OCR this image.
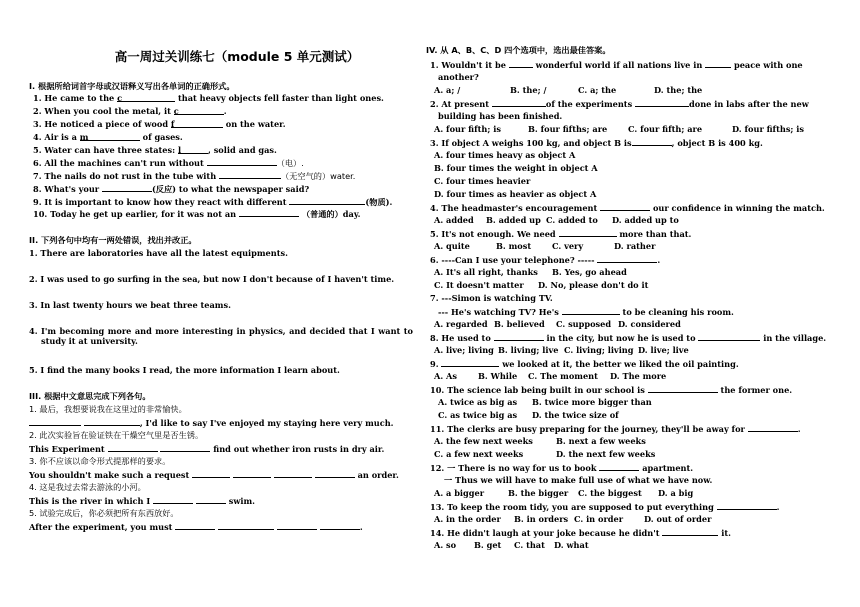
高一周过关训练七（module 5 单元测试）
I. 根据所给词首字母或汉语释义写出各单词的正确形式。
1. He came to the c	that heavy objects fell faster than light ones.
2. When you cool the metal, it c	.
3. He noticed a piece of wood f	on the water.
4. Air is a m	of gases.
5. Water can have three states: l	, solid and gas.
6. All the machines can't run without	（电）.
7. The nails do not rust in the tube with	（无空气的）water.
8. What's your	(反应) to what the newspaper said?
9. It is important to know how they react with different	(物质).
10. Today he get up earlier, for it was not an	（普通的）day.
II. 下列各句中均有一两处错误，找出并改正。
1. There are laboratories have all the latest equipments.
2. I was used to go surfing in the sea, but now I don't because of I haven't time.
3. In last twenty hours we beat three teams.
4. I'm becoming more and more interesting in physics, and decided that I want to study it at university.
5. I find the many books I read, the more information I learn about.
III. 根据中文意思完成下列各句。
1. 最后，我想要说我在这里过的非常愉快。
, I'd like to say I've enjoyed my staying here very much.
2. 此次实验旨在验证铁在干燥空气里是否生锈。
This Experiment	find out whether iron rusts in dry air.
3. 你不应该以命令形式提那样的要求。
You shouldn't make such a request	an order.
4. 这是我过去常去游泳的小河。
This is the river in which I	swim.
5. 试验完成后，你必须把所有东西放好。
After the experiment, you must	.
IV. 从 A、B、C、D 四个选项中，选出最佳答案。
1. Wouldn't it be	wonderful world if all nations live in	peace with one
another?
A. a; /	B. the; /	C. a; the	D. the; the
2. At present	of the experiments	done in labs after the new
building has been finished.
A. four fifth; is	B. four fifths; are	C. four fifth; are	D. four fifths; is
3. If object A weighs 100 kg, and object B is	, object B is 400 kg.
A. four times heavy as object A
B. four times the weight in object A
C. four times heavier
D. four times as heavier as object A
4. The headmaster's encouragement	our confidence in winning the match.
A. added B. added up C. added to D. added up to
5. It's not enough. We need	more than that.
A. quite	B. most	C. very	D. rather
6. ----Can I use your telephone? -----	.
A. It's all right, thanks B. Yes, go ahead
C. It doesn't matter D. No, please don't do it
7. ---Simon is watching TV.
--- He's watching TV? He's	to be cleaning his room.
A. regarded B. believed C. supposed D. considered
8. He used to	in the city, but now he is used to	in the village.
A. live; living B. living; live C. living; living D. live; live
9.	we looked at it, the better we liked the oil painting.
A. As	B. While C. The moment D. The more
10. The science lab being built in our school is	the former one.
A. twice as big as B. twice more bigger than
C. as twice big as D. the twice size of
11. The clerks are busy preparing for the journey, they'll be away for	.
A. the few next weeks	B. next a few weeks
C. a few next weeks	D. the next few weeks
12. 一 There is no way for us to book	apartment.
一 Thus we will have to make full use of what we have now.
A. a bigger	B. the bigger C. the biggest D. a big
13. To keep the room tidy, you are supposed to put everything	.
A. in the order B. in orders C. in order	D. out of order
14. He didn't laugh at your joke because he didn't	it.
A. so B. get C. that D. what
